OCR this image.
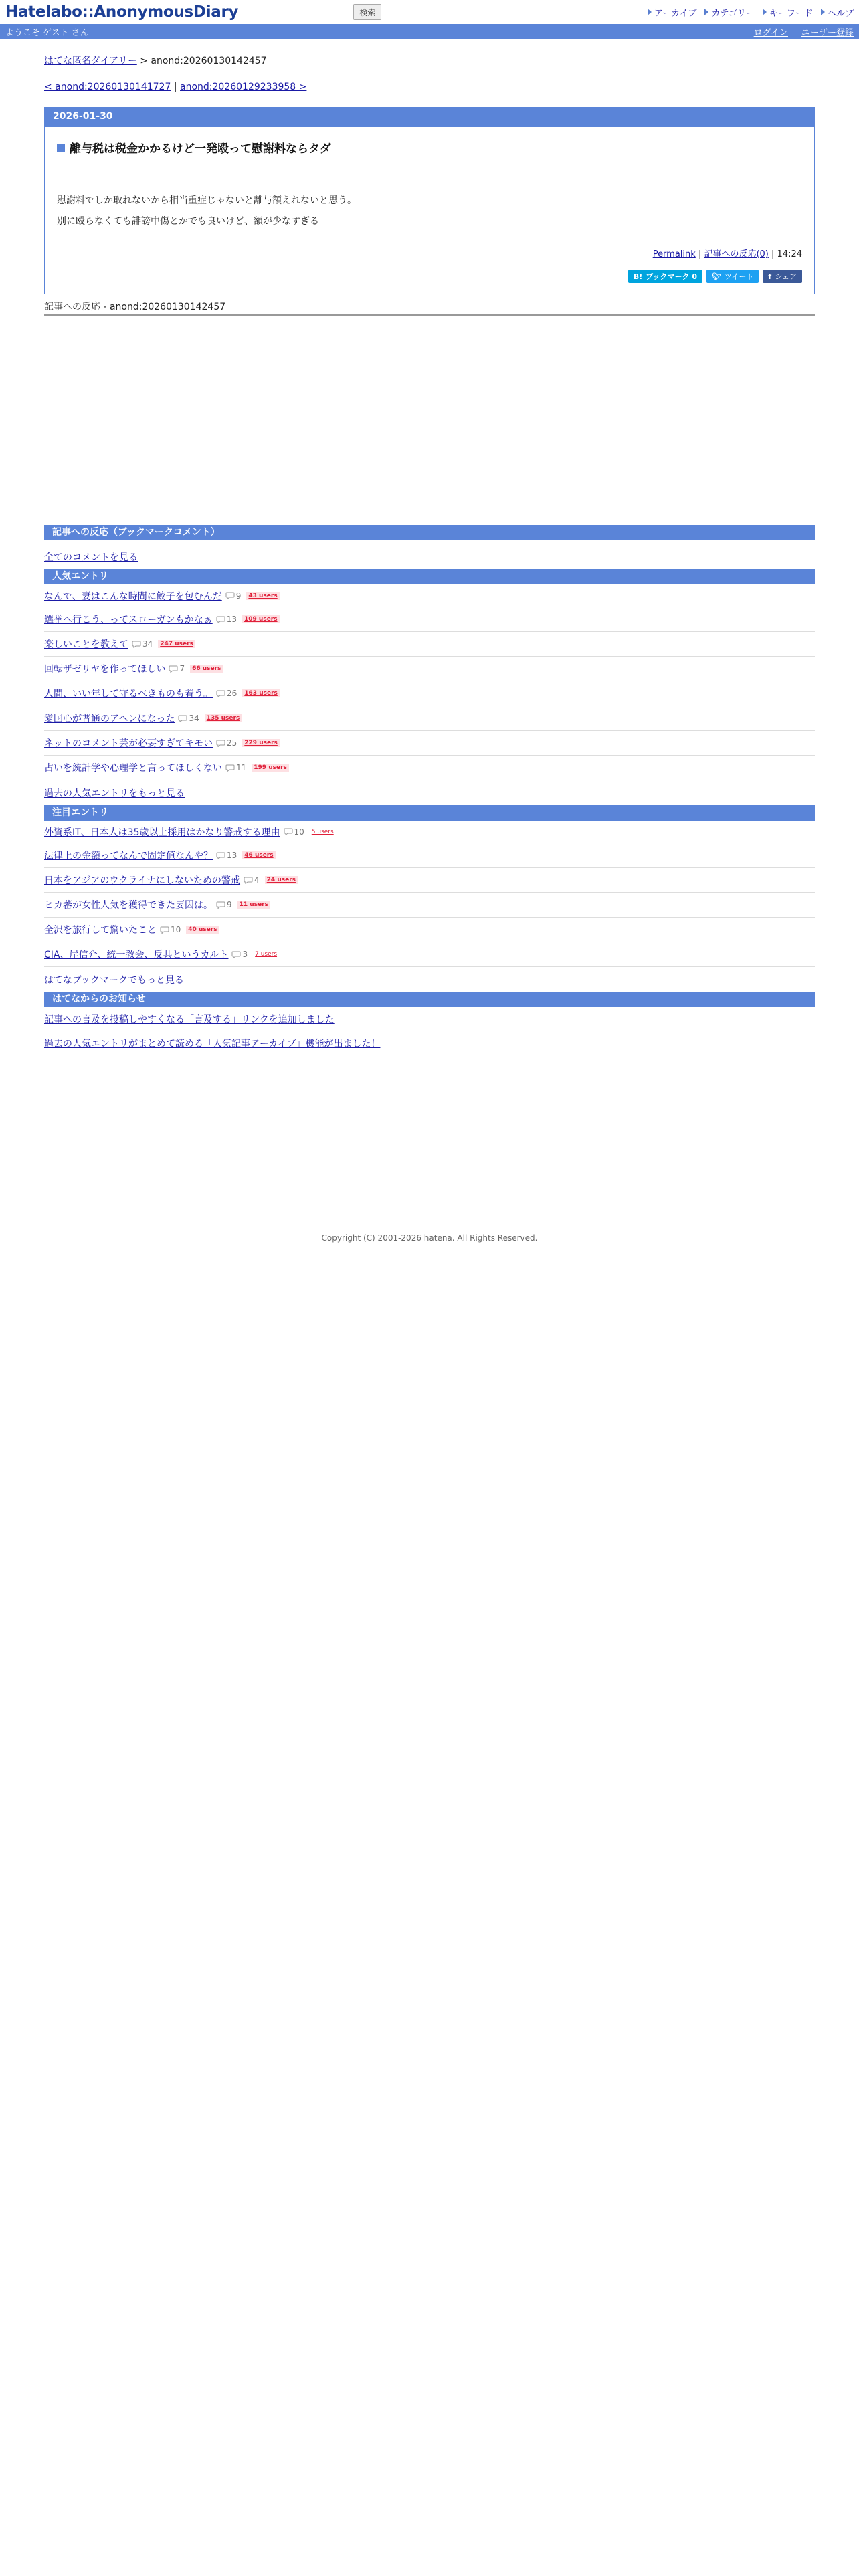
Hatelabo::AnonymousDiary	検索	アーカイブ カテゴリー キーワード ヘルプ
ようこそ ゲスト さん	ログイン ユーザー登録
はてな匿名ダイアリー > anond:20260130142457
< anond:20260130141727 | anond:20260129233958 >
2026-01-30
離与税は税金かかるけど一発殴って慰謝料ならタダ
慰謝料でしか取れないから相当重症じゃないと離与額えれないと思う。
別に殴らなくても誹謗中傷とかでも良いけど、額が少なすぎる
Permalink | 記事への反応(0) | 14:24
B! ブックマーク 0 🐦︎ ツイート f シェア
記事への反応 - anond:20260130142457
記事への反応（ブックマークコメント）
全てのコメントを見る
人気エントリ
なんで、妻はこんな時間に餃子を包むんだ 9	43 users
選挙へ行こう、ってスローガンもかなぁ 13	109 users
楽しいことを教えて 34	247 users
回転ザゼリヤを作ってほしい 7	66 users
人間、いい年して守るべきものも着う。 26	163 users
愛国心が普通のアヘンになった 34	135 users
ネットのコメント芸が必要すぎてキモい 25	229 users
占いを統計学や心理学と言ってほしくない 11	199 users
過去の人気エントリをもっと見る
注目エントリ
外資系IT、日本人は35歳以上採用はかなり警戒する理由 10	5 users
法律上の金額ってなんで固定値なんや？ 13	46 users
日本をアジアのウクライナにしないための警戒 4	24 users
ヒカ蕃が女性人気を獲得できた要因は。 9	11 users
全沢を旅行して驚いたこと 10	40 users
CIA、岸信介、統一教会、反共というカルト 3	7 users
はてなブックマークでもっと見る
はてなからのお知らせ
記事への言及を投稿しやすくなる「言及する」リンクを追加しました
過去の人気エントリがまとめて読める「人気記事アーカイブ」機能が出ました！
Copyright (C) 2001-2026 hatena. All Rights Reserved.
